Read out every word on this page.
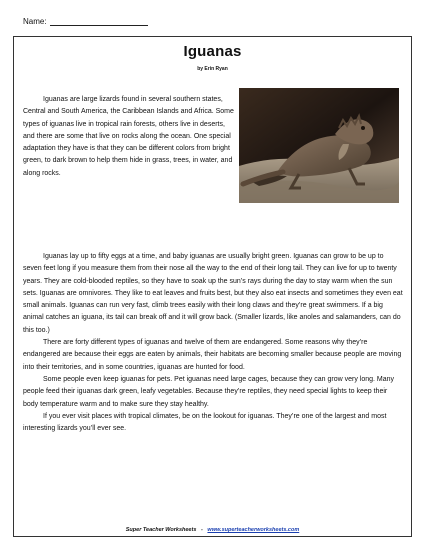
Name:
Iguanas
by Erin Ryan

Iguanas are large lizards found in several southern states, Central and South America, the Caribbean Islands and Africa. Some types of iguanas live in tropical rain forests, others live in deserts, and there are some that live on rocks along the ocean. One special adaptation they have is that they can be different colors from bright green, to dark brown to help them hide in grass, trees, in water, and along rocks.

Iguanas lay up to fifty eggs at a time, and baby iguanas are usually bright green. Iguanas can grow to be up to seven feet long if you measure them from their nose all the way to the end of their long tail. They can live for up to twenty years. They are cold-blooded reptiles, so they have to soak up the sun’s rays during the day to stay warm when the sun sets. Iguanas are omnivores. They like to eat leaves and fruits best, but they also eat insects and sometimes they even eat small animals. Iguanas can run very fast, climb trees easily with their long claws and they’re great swimmers. If a big animal catches an iguana, its tail can break off and it will grow back. (Smaller lizards, like anoles and salamanders, can do this too.)

There are forty different types of iguanas and twelve of them are endangered. Some reasons why they’re endangered are because their eggs are eaten by animals, their habitats are becoming smaller because people are moving into their territories, and in some countries, iguanas are hunted for food.

Some people even keep iguanas for pets. Pet iguanas need large cages, because they can grow very long. Many people feed their iguanas dark green, leafy vegetables. Because they’re reptiles, they need special lights to keep their body temperature warm and to make sure they stay healthy.

If you ever visit places with tropical climates, be on the lookout for iguanas. They’re one of the largest and most interesting lizards you’ll ever see.

Super Teacher Worksheets - www.superteacherworksheets.com
